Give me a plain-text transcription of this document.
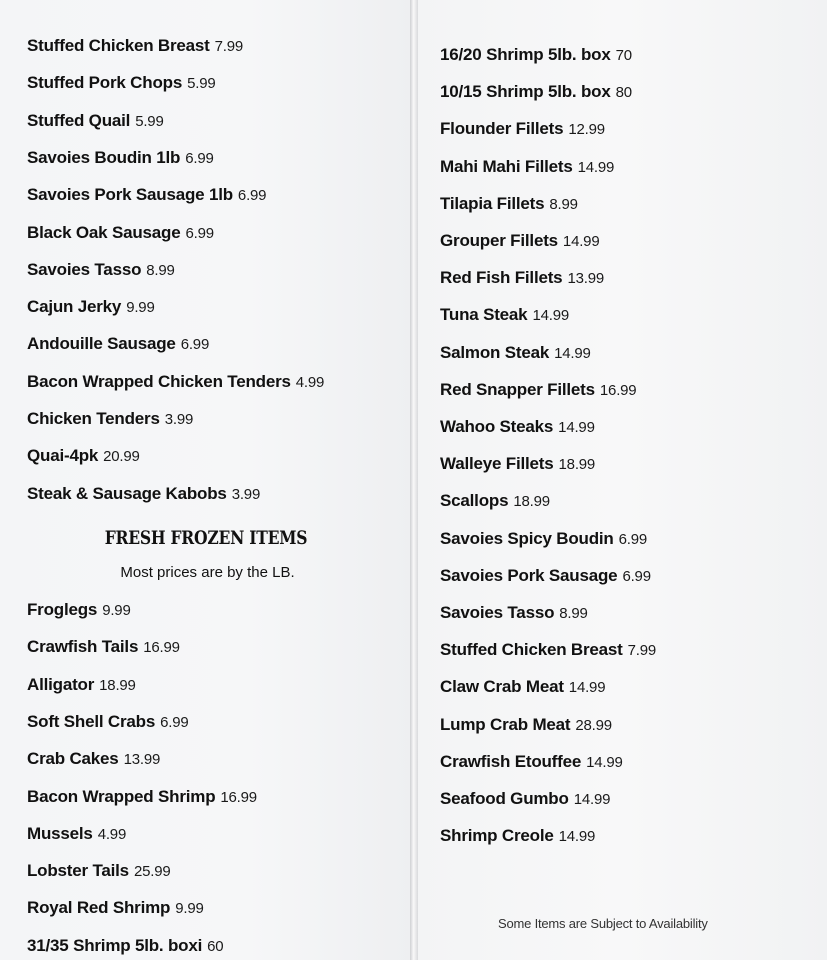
Stuffed Chicken Breast 7.99
Stuffed Pork Chops 5.99
Stuffed Quail 5.99
Savoies Boudin 1lb 6.99
Savoies Pork Sausage 1lb 6.99
Black Oak Sausage 6.99
Savoies Tasso 8.99
Cajun Jerky 9.99
Andouille Sausage 6.99
Bacon Wrapped Chicken Tenders 4.99
Chicken Tenders 3.99
Quai-4pk 20.99
Steak & Sausage Kabobs 3.99
FRESH FROZEN ITEMS
Most prices are by the LB.
Froglegs 9.99
Crawfish Tails 16.99
Alligator 18.99
Soft Shell Crabs 6.99
Crab Cakes 13.99
Bacon Wrapped Shrimp 16.99
Mussels 4.99
Lobster Tails 25.99
Royal Red Shrimp 9.99
31/35 Shrimp 5lb. boxi 60
16/20 Shrimp 5lb. box 70
10/15 Shrimp 5lb. box 80
Flounder Fillets 12.99
Mahi Mahi Fillets 14.99
Tilapia Fillets 8.99
Grouper Fillets 14.99
Red Fish Fillets 13.99
Tuna Steak 14.99
Salmon Steak 14.99
Red Snapper Fillets 16.99
Wahoo Steaks 14.99
Walleye Fillets 18.99
Scallops 18.99
Savoies Spicy Boudin 6.99
Savoies Pork Sausage 6.99
Savoies Tasso 8.99
Stuffed Chicken Breast 7.99
Claw Crab Meat 14.99
Lump Crab Meat 28.99
Crawfish Etouffee 14.99
Seafood Gumbo 14.99
Shrimp Creole 14.99
Some Items are Subject to Availability
